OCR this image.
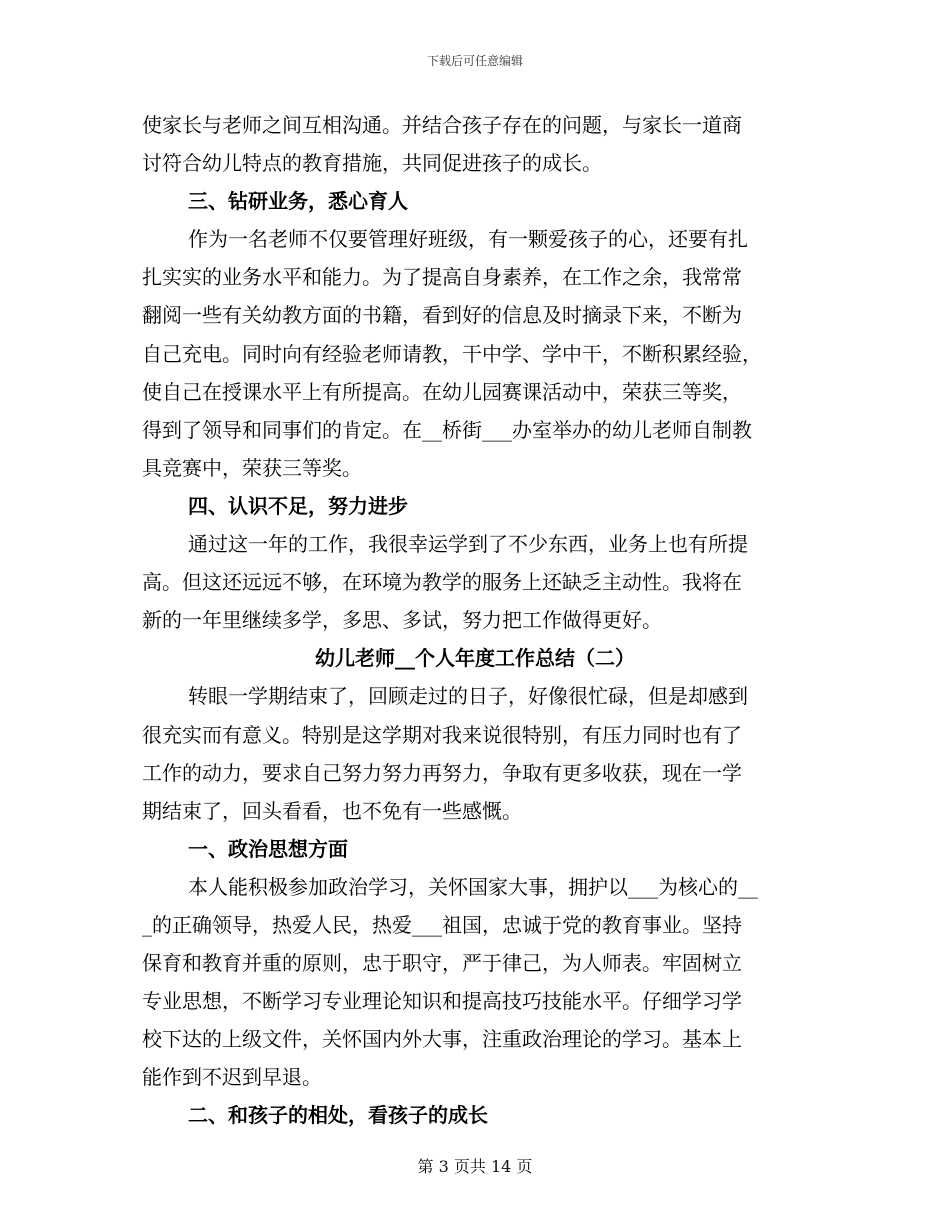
下载后可任意编辑

使家长与老师之间互相沟通。并结合孩子存在的问题，与家长一道商

讨符合幼儿特点的教育措施，共同促进孩子的成长。

三、钻研业务，悉心育人

作为一名老师不仅要管理好班级，有一颗爱孩子的心，还要有扎

扎实实的业务水平和能力。为了提高自身素养，在工作之余，我常常

翻阅一些有关幼教方面的书籍，看到好的信息及时摘录下来，不断为

自己充电。同时向有经验老师请教，干中学、学中干，不断积累经验，

使自己在授课水平上有所提高。在幼儿园赛课活动中，荣获三等奖，

得到了领导和同事们的肯定。在__桥街___办室举办的幼儿老师自制教

具竞赛中，荣获三等奖。

四、认识不足，努力进步

通过这一年的工作，我很幸运学到了不少东西，业务上也有所提

高。但这还远远不够，在环境为教学的服务上还缺乏主动性。我将在

新的一年里继续多学，多思、多试，努力把工作做得更好。

幼儿老师__个人年度工作总结（二）

转眼一学期结束了，回顾走过的日子，好像很忙碌，但是却感到

很充实而有意义。特别是这学期对我来说很特别，有压力同时也有了

工作的动力，要求自己努力努力再努力，争取有更多收获，现在一学

期结束了，回头看看，也不免有一些感慨。

一、政治思想方面

本人能积极参加政治学习，关怀国家大事，拥护以___为核心的__

_的正确领导，热爱人民，热爱___祖国，忠诚于党的教育事业。坚持

保育和教育并重的原则，忠于职守，严于律己，为人师表。牢固树立

专业思想，不断学习专业理论知识和提高技巧技能水平。仔细学习学

校下达的上级文件，关怀国内外大事，注重政治理论的学习。基本上

能作到不迟到早退。

二、和孩子的相处，看孩子的成长

第 3 页共 14 页
